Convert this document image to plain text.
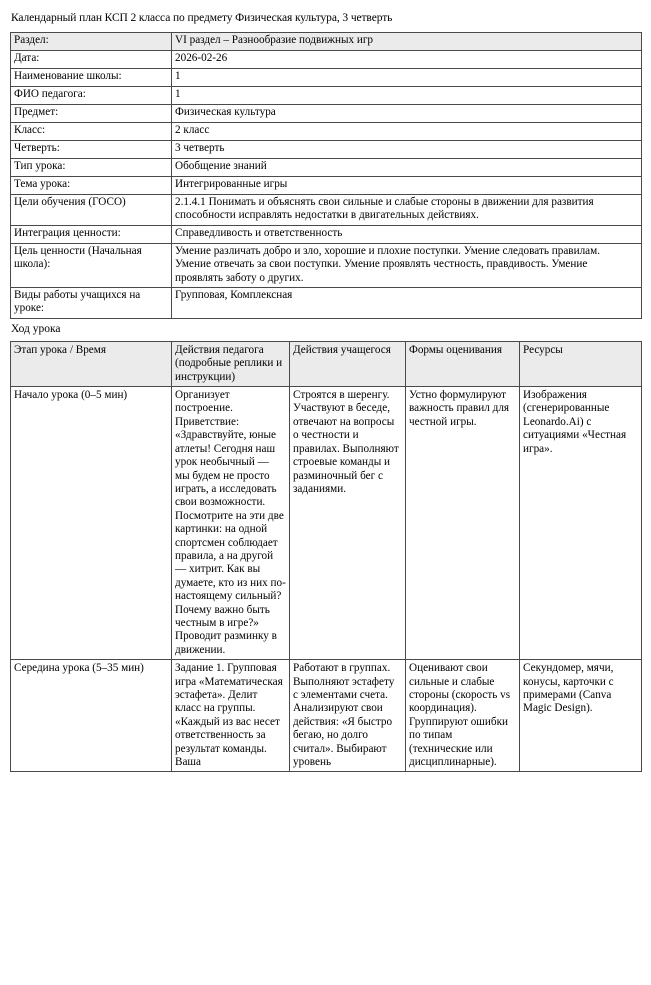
Календарный план КСП 2 класса по предмету Физическая культура, 3 четверть
Раздел:	VI раздел – Разнообразие подвижных игр
Дата:	2026-02-26
Наименование школы:	1
ФИО педагога:	1
Предмет:	Физическая культура
Класс:	2 класс
Четверть:	3 четверть
Тип урока:	Обобщение знаний
Тема урока:	Интегрированные игры
Цели обучения (ГОСО)	2.1.4.1 Понимать и объяснять свои сильные и слабые стороны в движении для развития способности исправлять недостатки в двигательных действиях.
Интеграция ценности:	Справедливость и ответственность
Цель ценности (Начальная школа):	Умение различать добро и зло, хорошие и плохие поступки. Умение следовать правилам. Умение отвечать за свои поступки. Умение проявлять честность, правдивость. Умение проявлять заботу о других.
Виды работы учащихся на уроке:	Групповая, Комплексная
Ход урока
Этап урока / Время	Действия педагога (подробные реплики и инструкции)	Действия учащегося	Формы оценивания	Ресурсы
Начало урока (0–5 мин)	Организует построение. Приветствие: «Здравствуйте, юные атлеты! Сегодня наш урок необычный — мы будем не просто играть, а исследовать свои возможности. Посмотрите на эти две картинки: на одной спортсмен соблюдает правила, а на другой — хитрит. Как вы думаете, кто из них по-настоящему сильный? Почему важно быть честным в игре?» Проводит разминку в движении.	Строятся в шеренгу. Участвуют в беседе, отвечают на вопросы о честности и правилах. Выполняют строевые команды и разминочный бег с заданиями.	Устно формулируют важность правил для честной игры.	Изображения (сгенерированные Leonardo.Ai) с ситуациями «Честная игра».
Середина урока (5–35 мин)	Задание 1. Групповая игра «Математическая эстафета». Делит класс на группы. «Каждый из вас несет ответственность за результат команды. Ваша	Работают в группах. Выполняют эстафету с элементами счета. Анализируют свои действия: «Я быстро бегаю, но долго считал». Выбирают уровень	Оценивают свои сильные и слабые стороны (скорость vs координация). Группируют ошибки по типам (технические или дисциплинарные).	Секундомер, мячи, конусы, карточки с примерами (Canva Magic Design).
